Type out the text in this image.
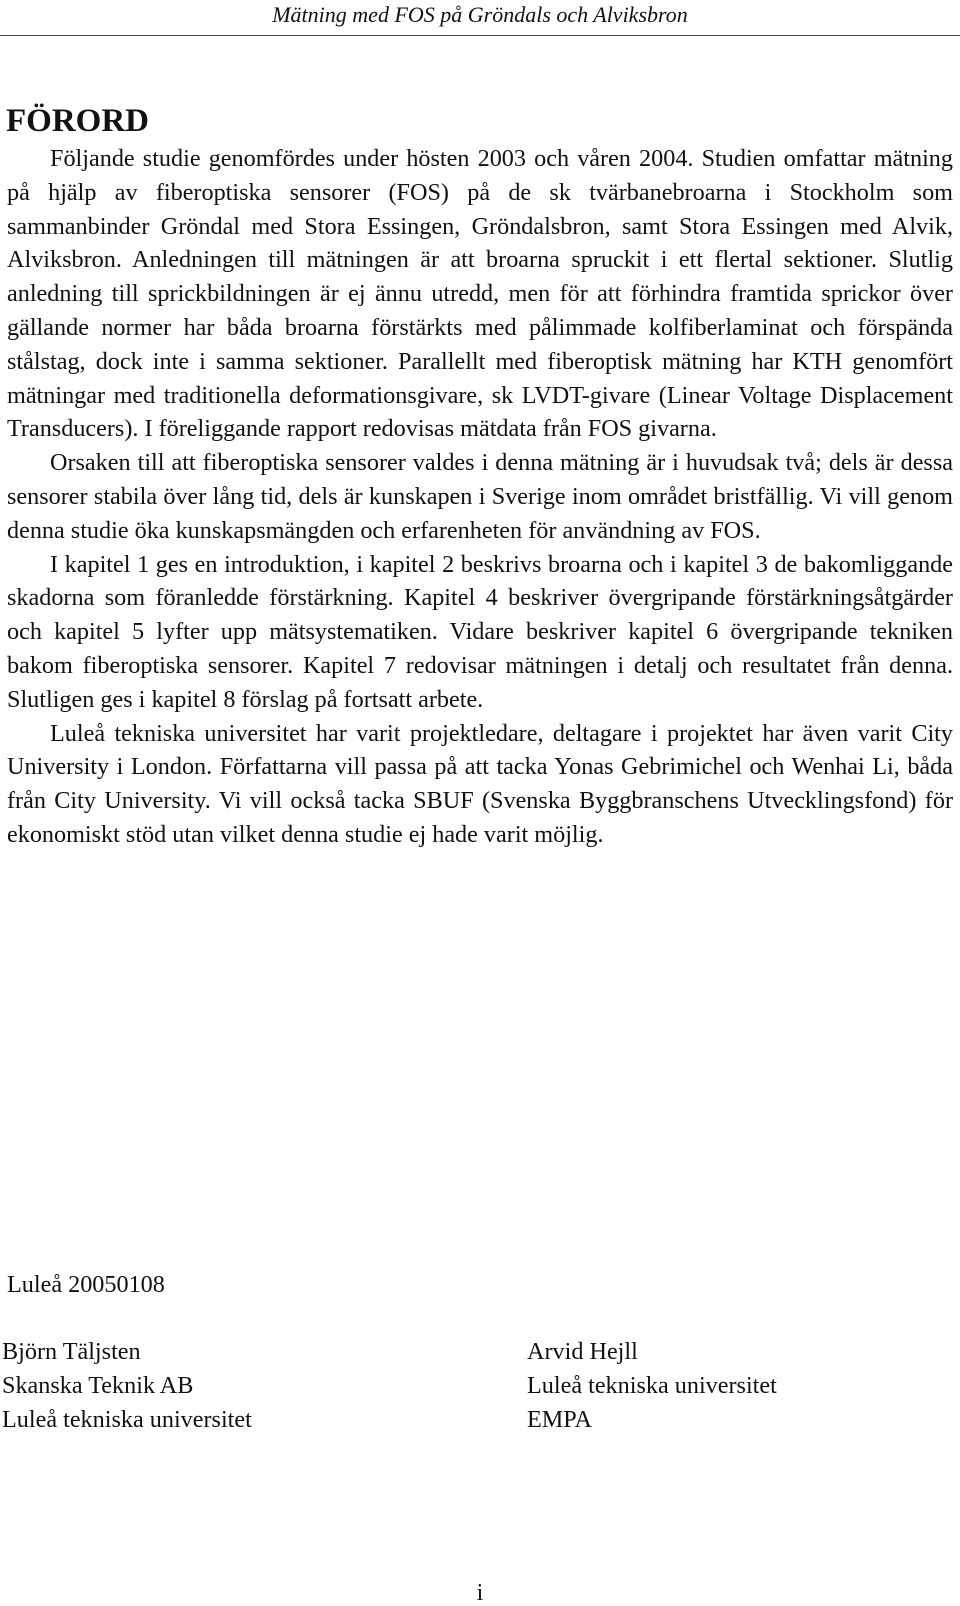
Mätning med FOS på Gröndals och Alviksbron
FÖRORD

Följande studie genomfördes under hösten 2003 och våren 2004. Studien omfattar mätning på hjälp av fiberoptiska sensorer (FOS) på de sk tvärbanebroarna i Stockholm som sammanbinder Gröndal med Stora Essingen, Gröndalsbron, samt Stora Essingen med Alvik, Alviksbron. Anledningen till mätningen är att broarna spruckit i ett flertal sektioner. Slutlig anledning till sprickbildningen är ej ännu utredd, men för att förhindra framtida sprickor över gällande normer har båda broarna förstärkts med pålimmade kolfiberlaminat och förspända stålstag, dock inte i samma sektioner. Parallellt med fiberoptisk mätning har KTH genomfört mätningar med traditionella deformationsgivare, sk LVDT-givare (Linear Voltage Displacement Transducers). I föreliggande rapport redovisas mätdata från FOS givarna.

Orsaken till att fiberoptiska sensorer valdes i denna mätning är i huvudsak två; dels är dessa sensorer stabila över lång tid, dels är kunskapen i Sverige inom området bristfällig. Vi vill genom denna studie öka kunskapsmängden och erfarenheten för användning av FOS.

I kapitel 1 ges en introduktion, i kapitel 2 beskrivs broarna och i kapitel 3 de bakomliggande skadorna som föranledde förstärkning. Kapitel 4 beskriver övergripande förstärkningsåtgärder och kapitel 5 lyfter upp mätsystematiken. Vidare beskriver kapitel 6 övergripande tekniken bakom fiberoptiska sensorer. Kapitel 7 redovisar mätningen i detalj och resultatet från denna. Slutligen ges i kapitel 8 förslag på fortsatt arbete.

Luleå tekniska universitet har varit projektledare, deltagare i projektet har även varit City University i London. Författarna vill passa på att tacka Yonas Gebrimichel och Wenhai Li, båda från City University. Vi vill också tacka SBUF (Svenska Byggbranschens Utvecklingsfond) för ekonomiskt stöd utan vilket denna studie ej hade varit möjlig.

Luleå 20050108
Björn Täljsten
Skanska Teknik AB
Luleå tekniska universitet
Arvid Hejll
Luleå tekniska universitet
EMPA
i
